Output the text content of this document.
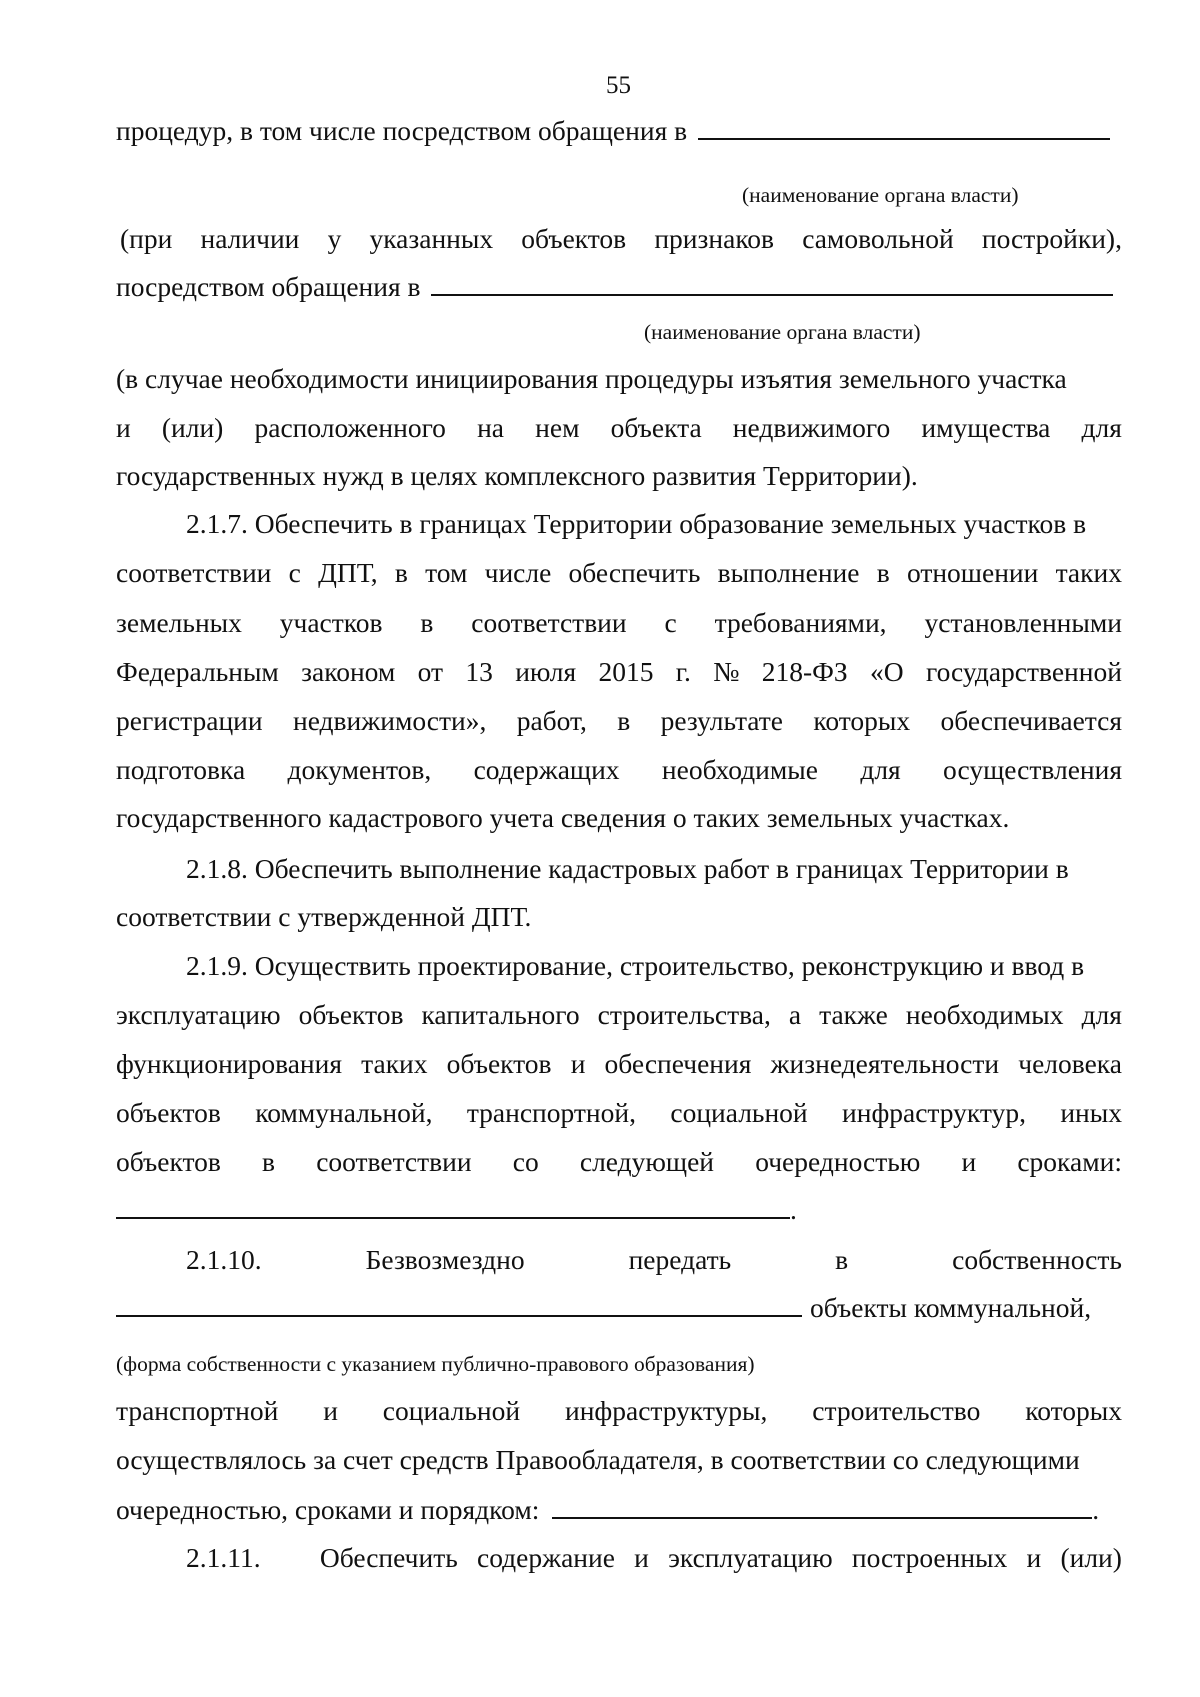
55
процедур, в том числе посредством обращения в
(наименование органа власти)
(при наличии у указанных объектов признаков самовольной постройки),
посредством обращения в
(наименование органа власти)
(в случае необходимости инициирования процедуры изъятия земельного участка
и (или) расположенного на нем объекта недвижимого имущества для
государственных нужд в целях комплексного развития Территории).
2.1.7. Обеспечить в границах Территории образование земельных участков в
соответствии с ДПТ, в том числе обеспечить выполнение в отношении таких
земельных участков в соответствии с требованиями, установленными
Федеральным законом от 13 июля 2015 г. № 218-ФЗ «О государственной
регистрации недвижимости», работ, в результате которых обеспечивается
подготовка документов, содержащих необходимые для осуществления
государственного кадастрового учета сведения о таких земельных участках.
2.1.8. Обеспечить выполнение кадастровых работ в границах Территории в
соответствии с утвержденной ДПТ.
2.1.9. Осуществить проектирование, строительство, реконструкцию и ввод в
эксплуатацию объектов капитального строительства, а также необходимых для
функционирования таких объектов и обеспечения жизнедеятельности человека
объектов коммунальной, транспортной, социальной инфраструктур, иных
объектов в соответствии со следующей очередностью и сроками:
.
2.1.10.	Безвозмездно	передать	в	собственность
объекты коммунальной,
(форма собственности с указанием публично-правового образования)
транспортной и социальной инфраструктуры, строительство которых
осуществлялось за счет средств Правообладателя, в соответствии со следующими
очередностью, сроками и порядком:	.
2.1.11. Обеспечить содержание и эксплуатацию построенных и (или)
